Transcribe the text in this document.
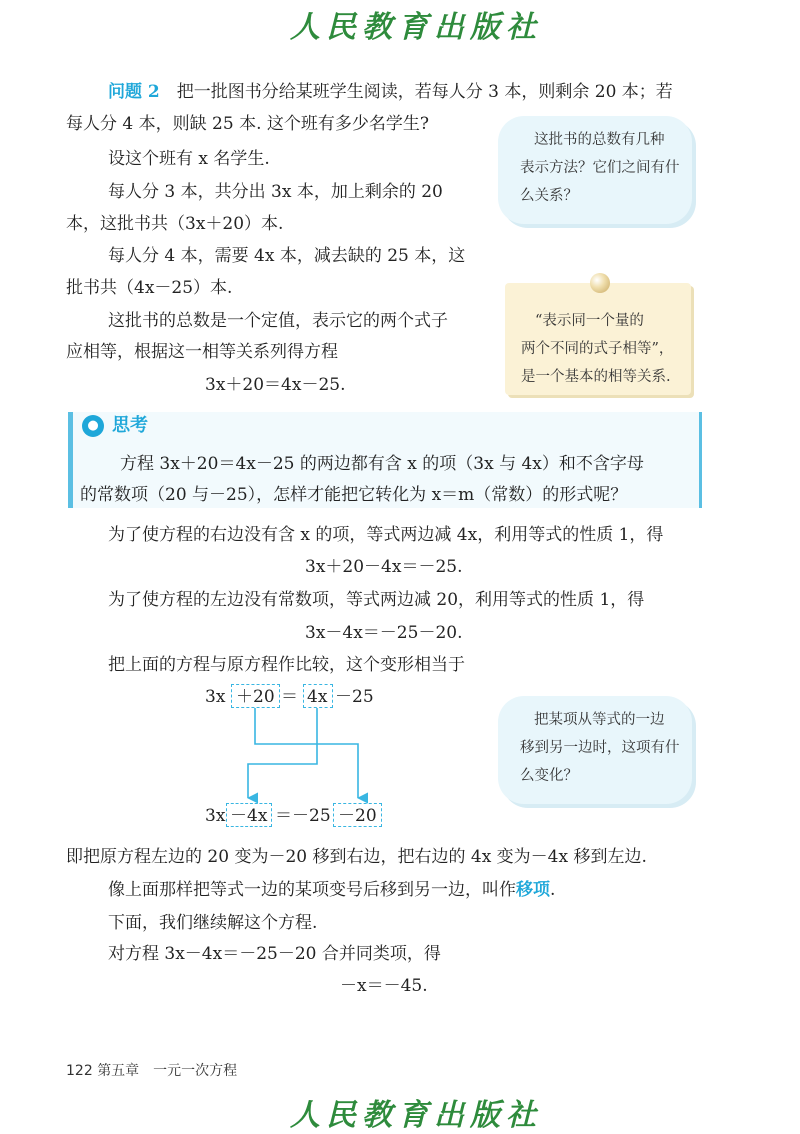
人民教育出版社
问题 2　 把一批图书分给某班学生阅读，若每人分 3 本，则剩余 20 本；若
每人分 4 本，则缺 25 本. 这个班有多少名学生?
设这个班有 x 名学生.
每人分 3 本，共分出 3x 本，加上剩余的 20
本，这批书共（3x＋20）本.
每人分 4 本，需要 4x 本，减去缺的 25 本，这
批书共（4x－25）本.
这批书的总数是一个定值，表示它的两个式子
应相等，根据这一相等关系列得方程
3x＋20＝4x－25.
这批书的总数有几种
表示方法？它们之间有什
么关系？
“表示同一个量的
两个不同的式子相等”，
是一个基本的相等关系.
● 思考
方程 3x＋20＝4x－25 的两边都有含 x 的项（3x 与 4x）和不含字母
的常数项（20 与－25），怎样才能把它转化为 x＝m（常数）的形式呢？
为了使方程的右边没有含 x 的项，等式两边减 4x，利用等式的性质 1，得
3x＋20－4x＝－25.
为了使方程的左边没有常数项，等式两边减 20，利用等式的性质 1，得
3x－4x＝－25－20.
把上面的方程与原方程作比较，这个变形相当于
3x ＋20 ＝ 4x －25
3x －4x ＝－25 －20
把某项从等式的一边
移到另一边时，这项有什
么变化？
即把原方程左边的 20 变为－20 移到右边，把右边的 4x 变为－4x 移到左边.
像上面那样把等式一边的某项变号后移到另一边，叫作移项.
下面，我们继续解这个方程.
对方程 3x－4x＝－25－20 合并同类项，得
－x＝－45.
122 第五章　一元一次方程
人民教育出版社
